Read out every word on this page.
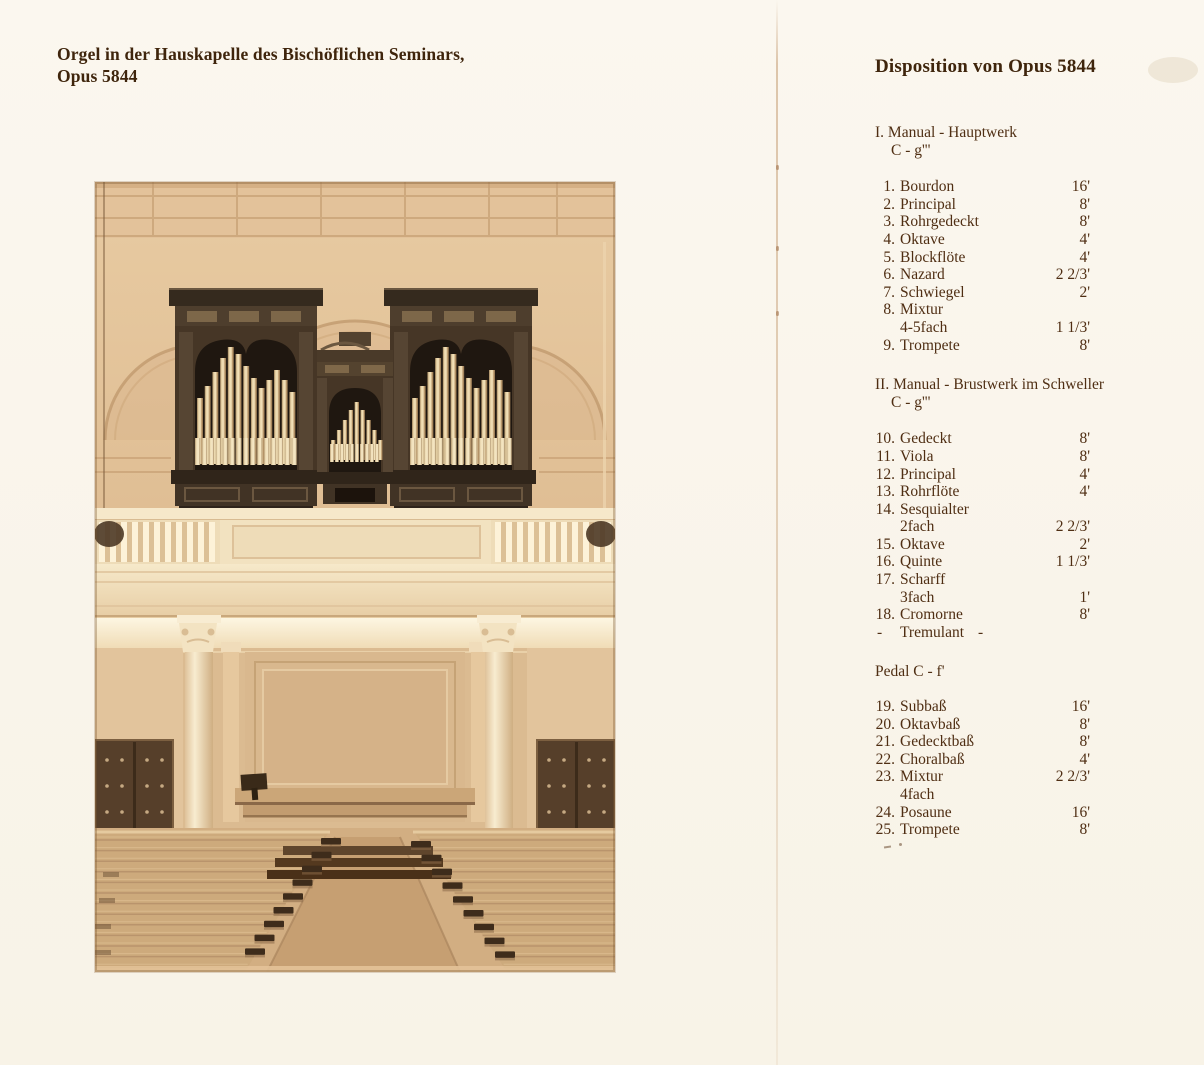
Orgel in der Hauskapelle des Bischöflichen Seminars,
Opus 5844	Disposition von Opus 5844
I. Manual - Hauptwerk
C - g'''
1. Bourdon	16'
2. Principal	8'
3. Rohrgedeckt	8'
4. Oktave	4'
5. Blockflöte	4'
6. Nazard	2 2/3'
7. Schwiegel	2'
8. Mixtur
4-5fach	1 1/3'
9. Trompete	8'
II. Manual - Brustwerk im Schweller
C - g'''
10. Gedeckt	8'
11. Viola	8'
12. Principal	4'
13. Rohrflöte	4'
14. Sesquialter
2fach	2 2/3'
15. Oktave	2'
16. Quinte	1 1/3'
17. Scharff
3fach	1'
18. Cromorne	8'
- Tremulant -
Pedal C - f'
19. Subbaß	16'
20. Oktavbaß	8'
21. Gedecktbaß	8'
22. Choralbaß	4'
23. Mixtur	2 2/3'
4fach
24. Posaune	16'
25. Trompete	8'
